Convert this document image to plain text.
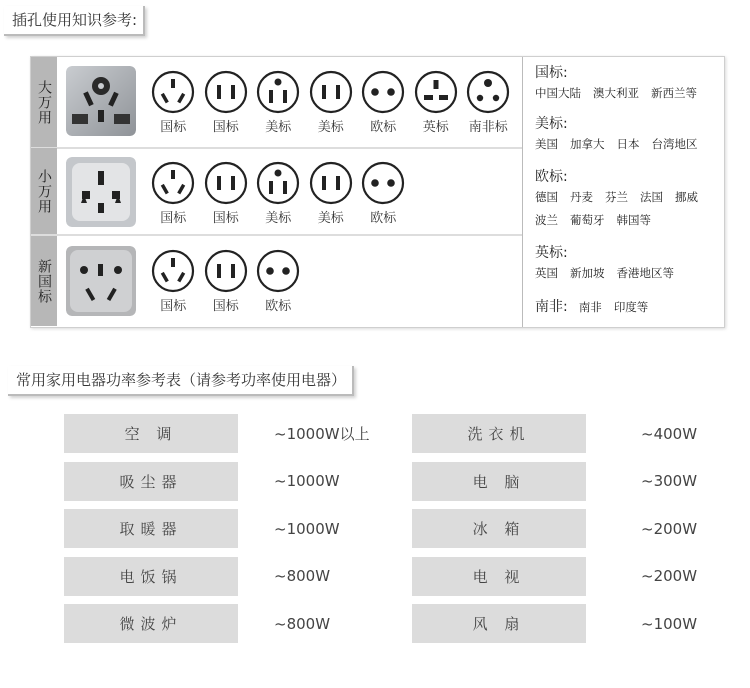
插孔使用知识参考:
大万用
国标 国标 美标 美标 欧标 英标 南非标
小万用
国标 国标 美标 美标 欧标
新国标
国标 国标 欧标
国标:
中国大陆 澳大利亚 新西兰等
美标:
美国 加拿大 日本 台湾地区
欧标:
德国 丹麦 芬兰 法国 挪威
波兰 葡萄牙 韩国等
英标:
英国 新加坡 香港地区等
南非: 南非 印度等
常用家用电器功率参考表（请参考功率使用电器）
空 调	~1000W以上	洗衣机	~400W
吸尘器	~1000W	电 脑	~300W
取暖器	~1000W	冰 箱	~200W
电饭锅	~800W	电 视	~200W
微波炉	~800W	风 扇	~100W
